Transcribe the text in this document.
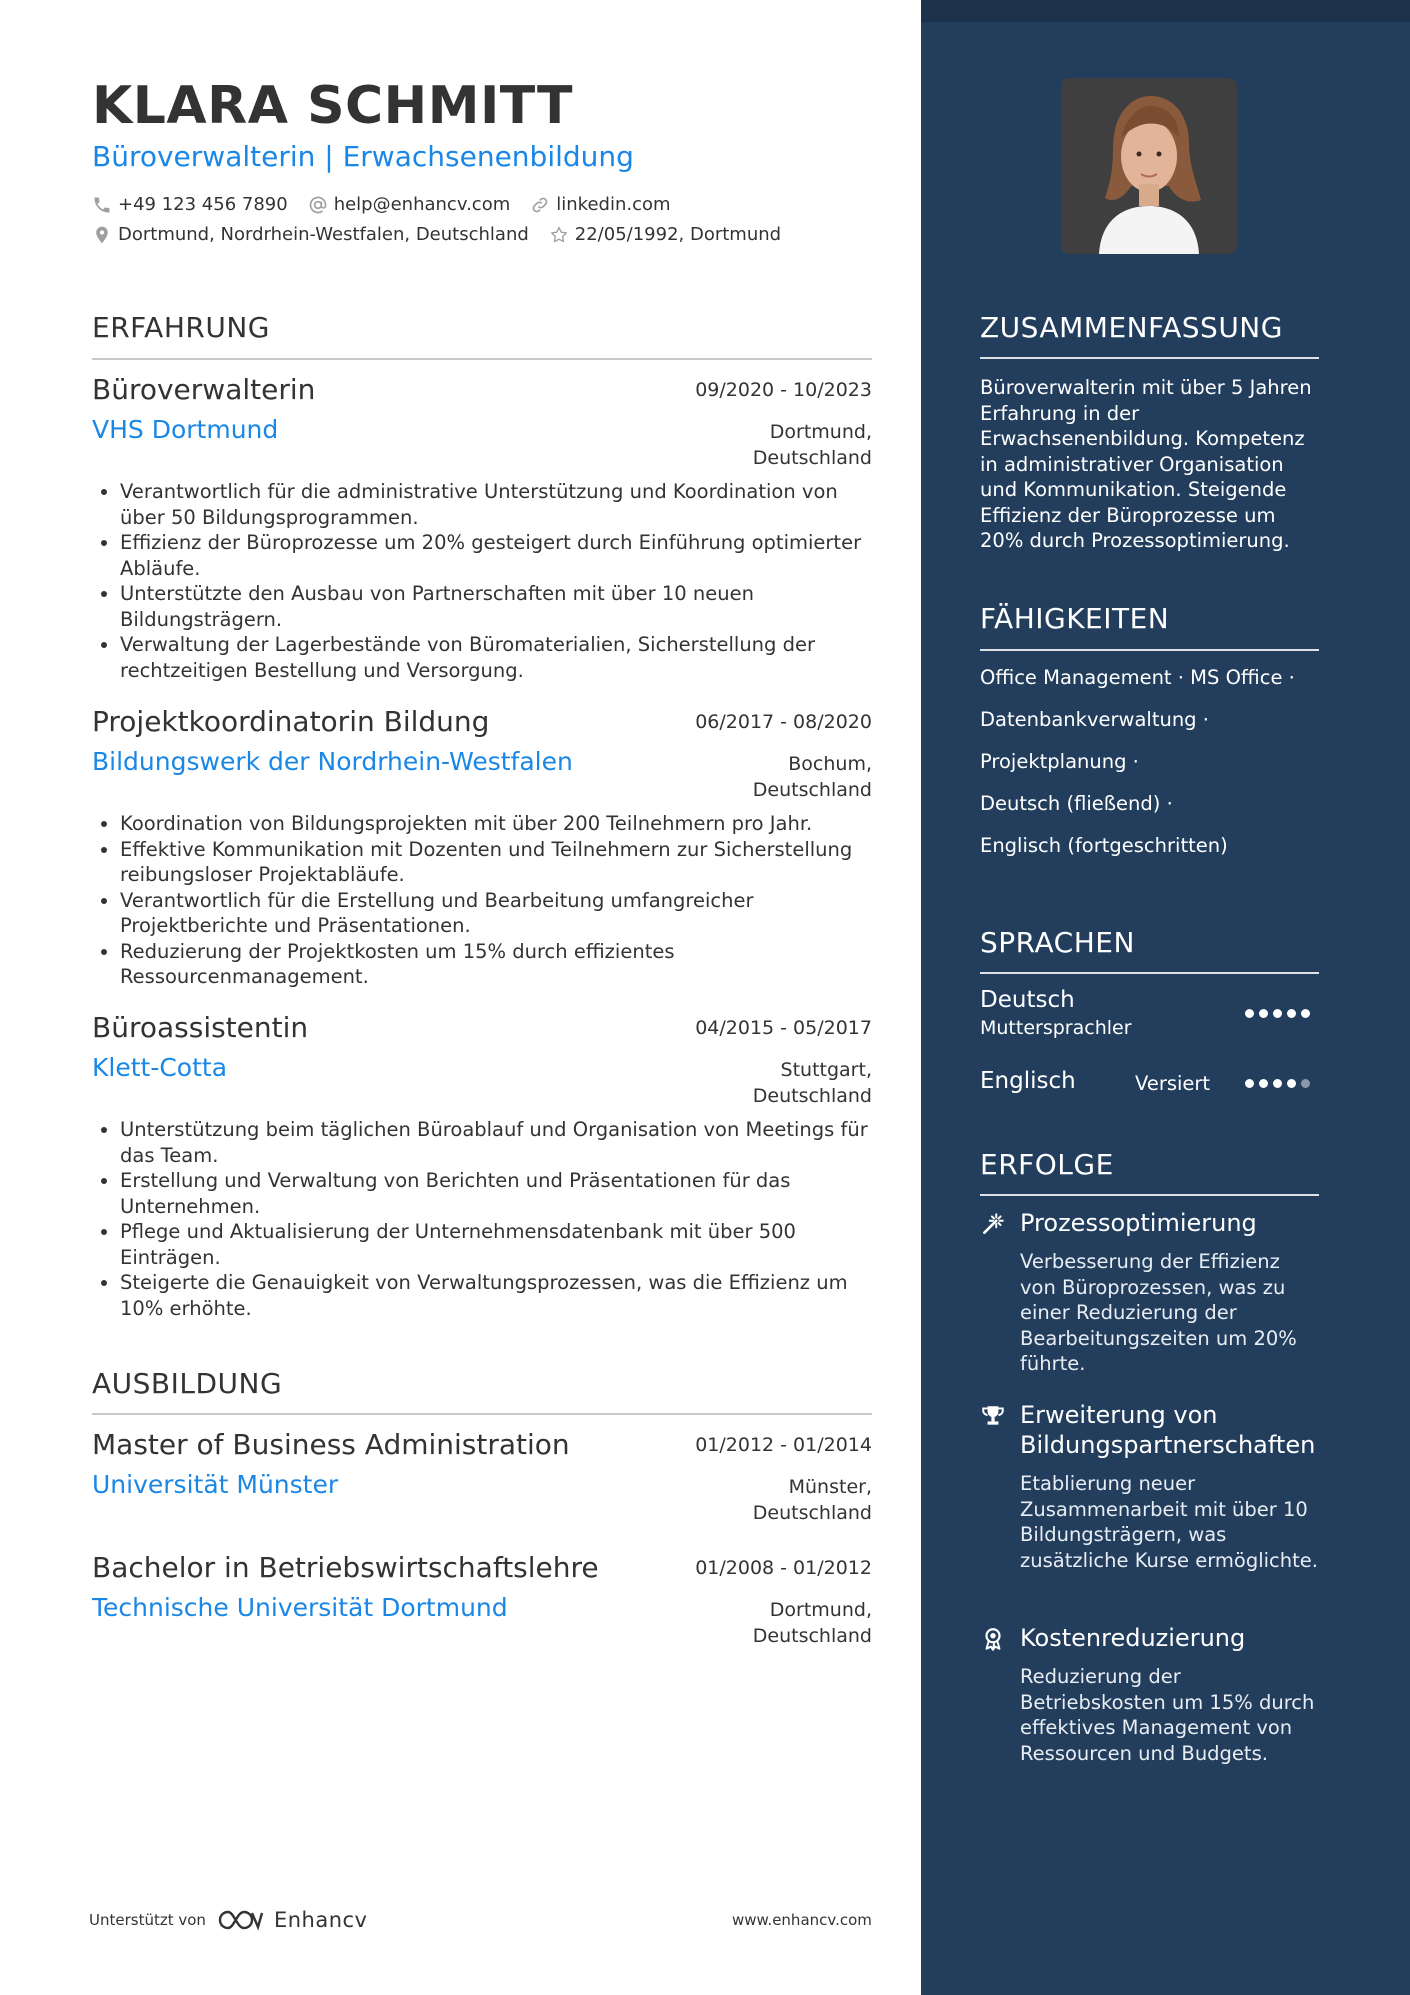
KLARA SCHMITT
Büroverwalterin | Erwachsenenbildung
+49 123 456 7890	help@enhancv.com	linkedin.com
Dortmund, Nordrhein-Westfalen, Deutschland	22/05/1992, Dortmund
ERFAHRUNG
Büroverwalterin	09/2020 - 10/2023
VHS Dortmund	Dortmund,
Deutschland
• Verantwortlich für die administrative Unterstützung und Koordination von über 50 Bildungsprogrammen.
• Effizienz der Büroprozesse um 20% gesteigert durch Einführung optimierter Abläufe.
• Unterstützte den Ausbau von Partnerschaften mit über 10 neuen Bildungsträgern.
• Verwaltung der Lagerbestände von Büromaterialien, Sicherstellung der rechtzeitigen Bestellung und Versorgung.
Projektkoordinatorin Bildung	06/2017 - 08/2020
Bildungswerk der Nordrhein-Westfalen	Bochum,
Deutschland
• Koordination von Bildungsprojekten mit über 200 Teilnehmern pro Jahr.
• Effektive Kommunikation mit Dozenten und Teilnehmern zur Sicherstellung reibungsloser Projektabläufe.
• Verantwortlich für die Erstellung und Bearbeitung umfangreicher Projektberichte und Präsentationen.
• Reduzierung der Projektkosten um 15% durch effizientes Ressourcenmanagement.
Büroassistentin	04/2015 - 05/2017
Klett-Cotta	Stuttgart,
Deutschland
• Unterstützung beim täglichen Büroablauf und Organisation von Meetings für das Team.
• Erstellung und Verwaltung von Berichten und Präsentationen für das Unternehmen.
• Pflege und Aktualisierung der Unternehmensdatenbank mit über 500 Einträgen.
• Steigerte die Genauigkeit von Verwaltungsprozessen, was die Effizienz um 10% erhöhte.
AUSBILDUNG
Master of Business Administration	01/2012 - 01/2014
Universität Münster	Münster,
Deutschland
Bachelor in Betriebswirtschaftslehre	01/2008 - 01/2012
Technische Universität Dortmund	Dortmund,
Deutschland
Unterstützt von	Enhancv	www.enhancv.com
ZUSAMMENFASSUNG
Büroverwalterin mit über 5 Jahren Erfahrung in der Erwachsenenbildung. Kompetenz in administrativer Organisation und Kommunikation. Steigende Effizienz der Büroprozesse um 20% durch Prozessoptimierung.
FÄHIGKEITEN
Office Management · MS Office ·
Datenbankverwaltung ·
Projektplanung ·
Deutsch (fließend) ·
Englisch (fortgeschritten)
SPRACHEN
Deutsch
Muttersprachler
Englisch	Versiert
ERFOLGE
Prozessoptimierung
Verbesserung der Effizienz von Büroprozessen, was zu einer Reduzierung der Bearbeitungszeiten um 20% führte.
Erweiterung von Bildungspartnerschaften
Etablierung neuer Zusammenarbeit mit über 10 Bildungsträgern, was zusätzliche Kurse ermöglichte.
Kostenreduzierung
Reduzierung der Betriebskosten um 15% durch effektives Management von Ressourcen und Budgets.
